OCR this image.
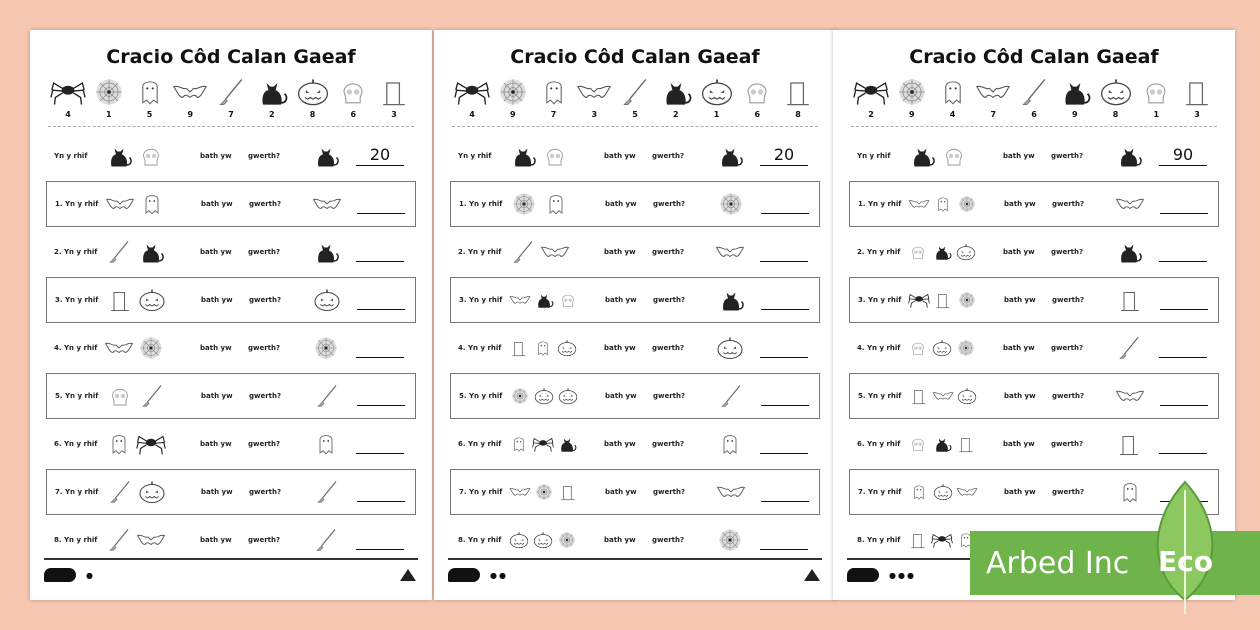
Cracio Côd Calan Gaeaf
4	1	5	9	7	2	8	6	3
Yn y rhif	bath yw	gwerth?	20
1. Yn y rhif	bath yw	gwerth?
2. Yn y rhif	bath yw	gwerth?
3. Yn y rhif	bath yw	gwerth?
4. Yn y rhif	bath yw	gwerth?
5. Yn y rhif	bath yw	gwerth?
6. Yn y rhif	bath yw	gwerth?
7. Yn y rhif	bath yw	gwerth?
8. Yn y rhif	bath yw	gwerth?
●
Cracio Côd Calan Gaeaf
4	9	7	3	5	2	1	6	8
Yn y rhif	bath yw	gwerth?	20
1. Yn y rhif	bath yw	gwerth?
2. Yn y rhif	bath yw	gwerth?
3. Yn y rhif	bath yw	gwerth?
4. Yn y rhif	bath yw	gwerth?
5. Yn y rhif	bath yw	gwerth?
6. Yn y rhif	bath yw	gwerth?
7. Yn y rhif	bath yw	gwerth?
8. Yn y rhif	bath yw	gwerth?
●●
Cracio Côd Calan Gaeaf
2	9	4	7	6	9	8	1	3
Yn y rhif	bath yw	gwerth?	90
1. Yn y rhif	bath yw	gwerth?
2. Yn y rhif	bath yw	gwerth?
3. Yn y rhif	bath yw	gwerth?
4. Yn y rhif	bath yw	gwerth?
5. Yn y rhif	bath yw	gwerth?
6. Yn y rhif	bath yw	gwerth?
7. Yn y rhif	bath yw	gwerth?
8. Yn y rhif
●●● Arbed Inc Eco
